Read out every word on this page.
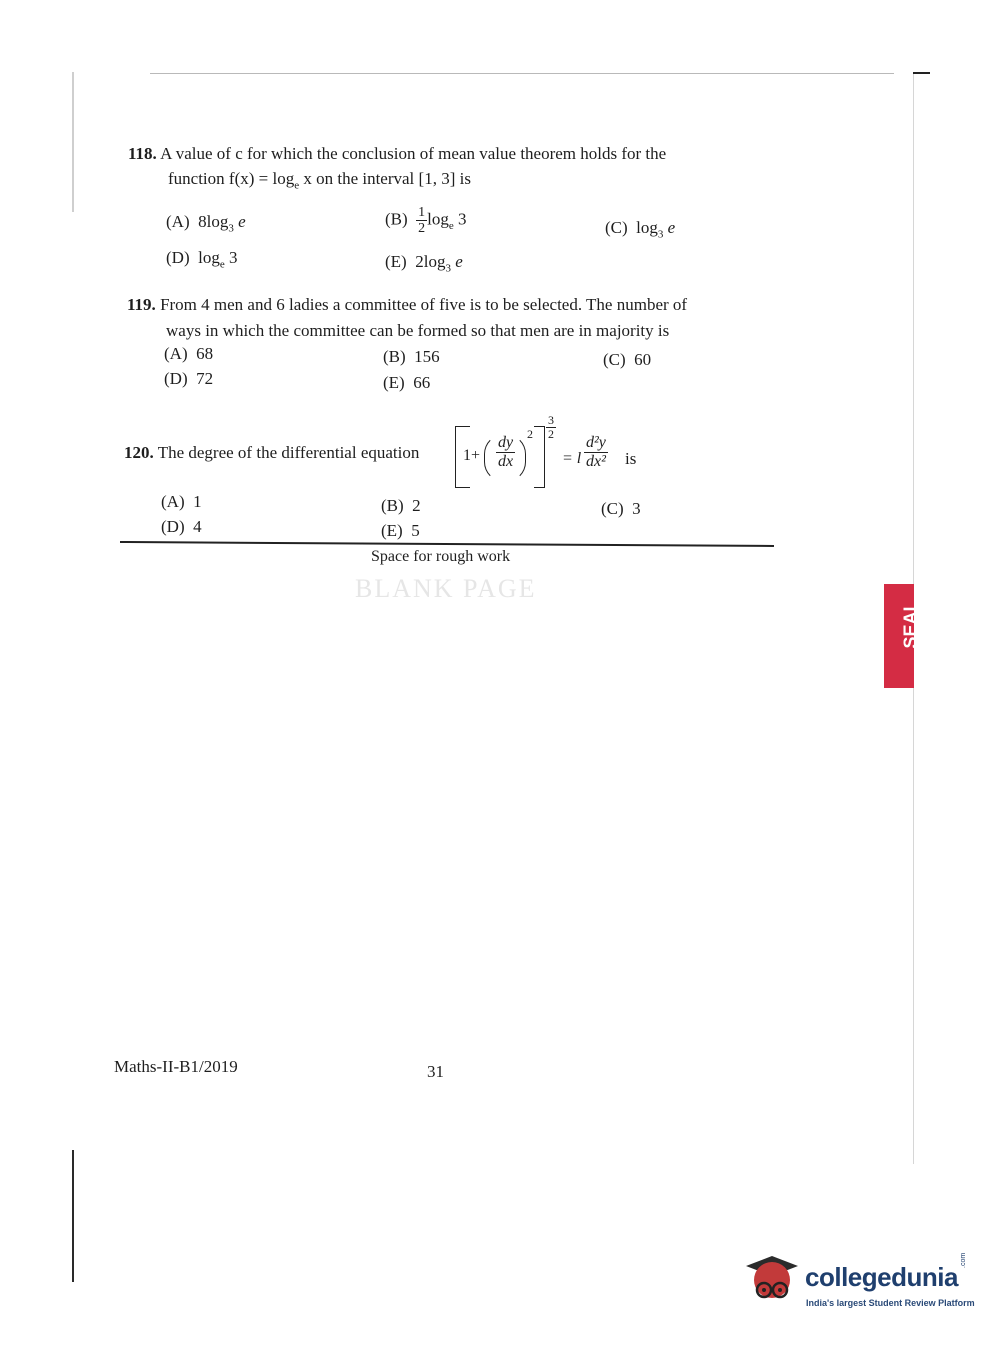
BLANK PAGE
118. A value of c for which the conclusion of mean value theorem holds for the
function $f(x) = \log_e x$ on the interval [1, 3] is
(A) $8\log_3$ e	$(B) \frac{1}{2} \log_e 3$	(C) $\log_3 e$
(D) $\log_e 3$	(E) $2\log_3$ e
119. From 4 men and 6 ladies a committee of five is to be selected. The number of
ways in which the committee can be formed so that men are in majority is
(A) 68	(B) 156	(C) 60
(D) 72	(E) 66
120. The degree of the differential equation	$1+ \frac{dy}{dx} 2 \frac{3}{2}$
= l $\frac{\text{d²y}}{\text{dx²}}$ is
(A) 1	(B) 2	(C) 3
(D) 4	(E) 5
Space for rough work
SEAL
Maths-II-B1/2019	31
collegedunia
.com
India's largest Student Review Platform
